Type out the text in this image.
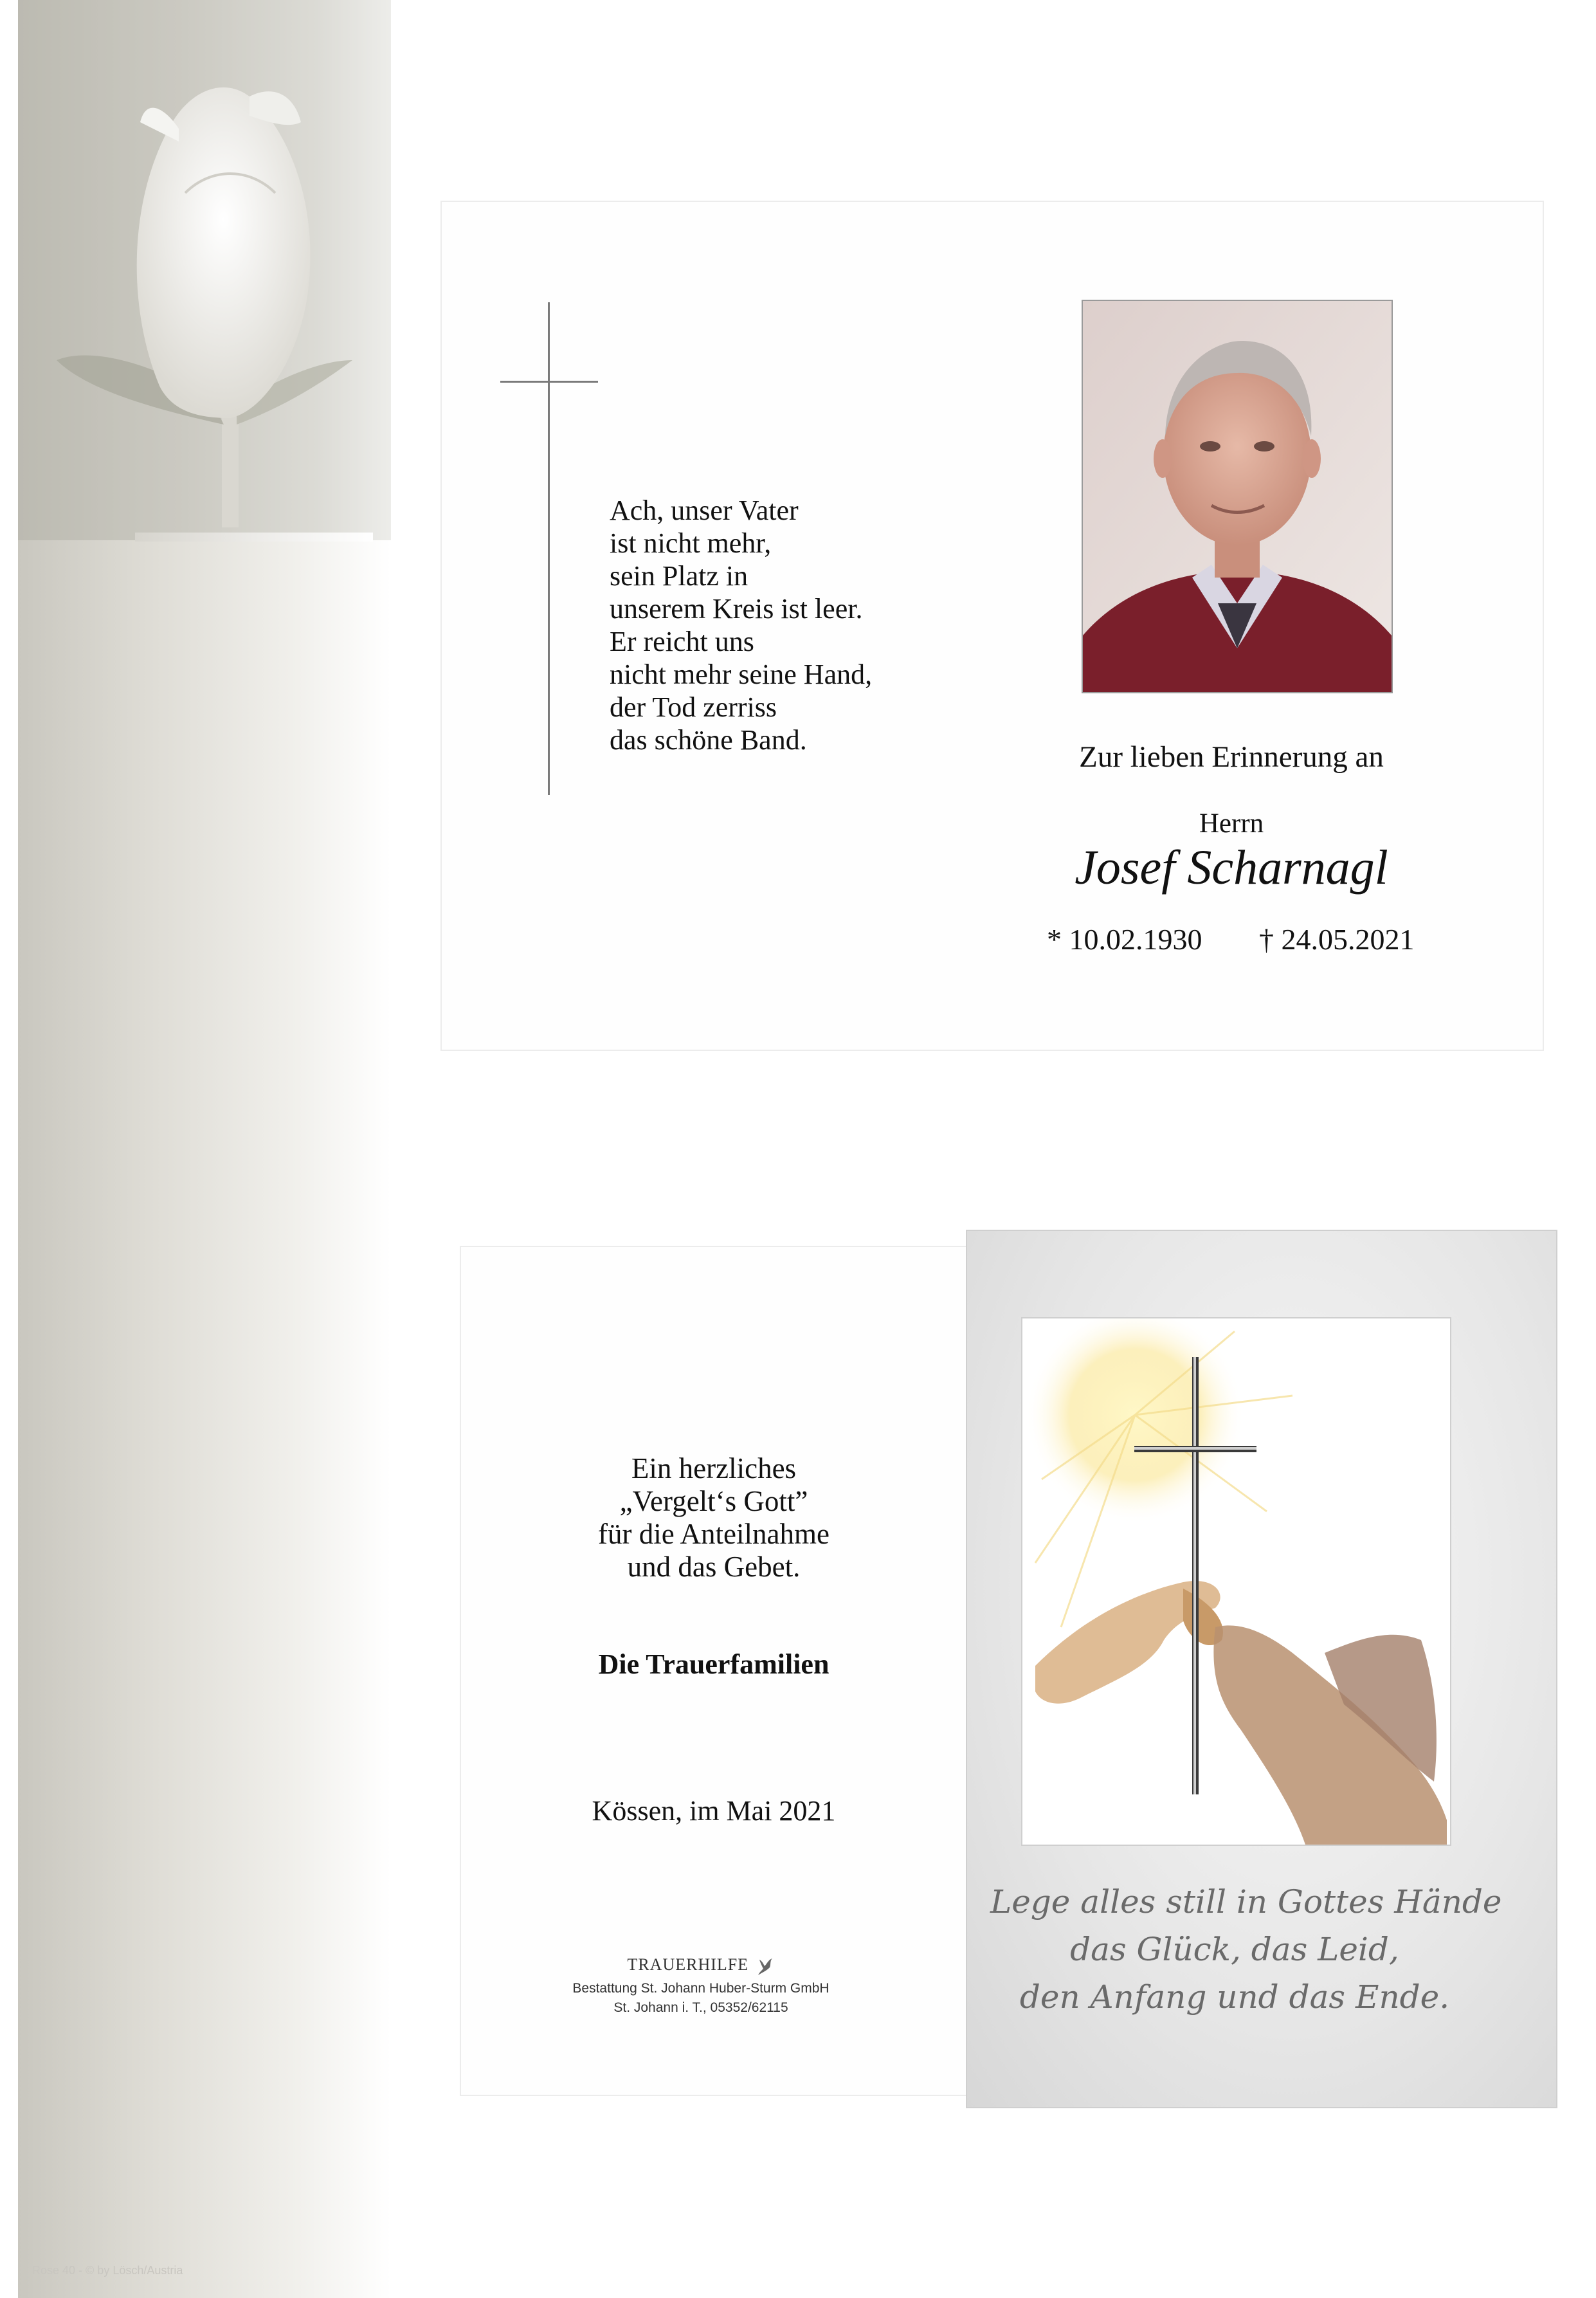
Rose 40 - © by Lösch/Austria
Ach, unser Vater
ist nicht mehr,
sein Platz in
unserem Kreis ist leer.
Er reicht uns
nicht mehr seine Hand,
der Tod zerriss
das schöne Band.
Zur lieben Erinnerung an
Herrn
Josef Scharnagl
* 10.02.1930 † 24.05.2021
Ein herzliches
„Vergelt‘s Gott”
für die Anteilnahme
und das Gebet.
Die Trauerfamilien
Kössen, im Mai 2021
TRAUERHILFE
Bestattung St. Johann Huber-Sturm GmbH
St. Johann i. T., 05352/62115
Lege alles still in Gottes Hände
das Glück, das Leid,
den Anfang und das Ende.
